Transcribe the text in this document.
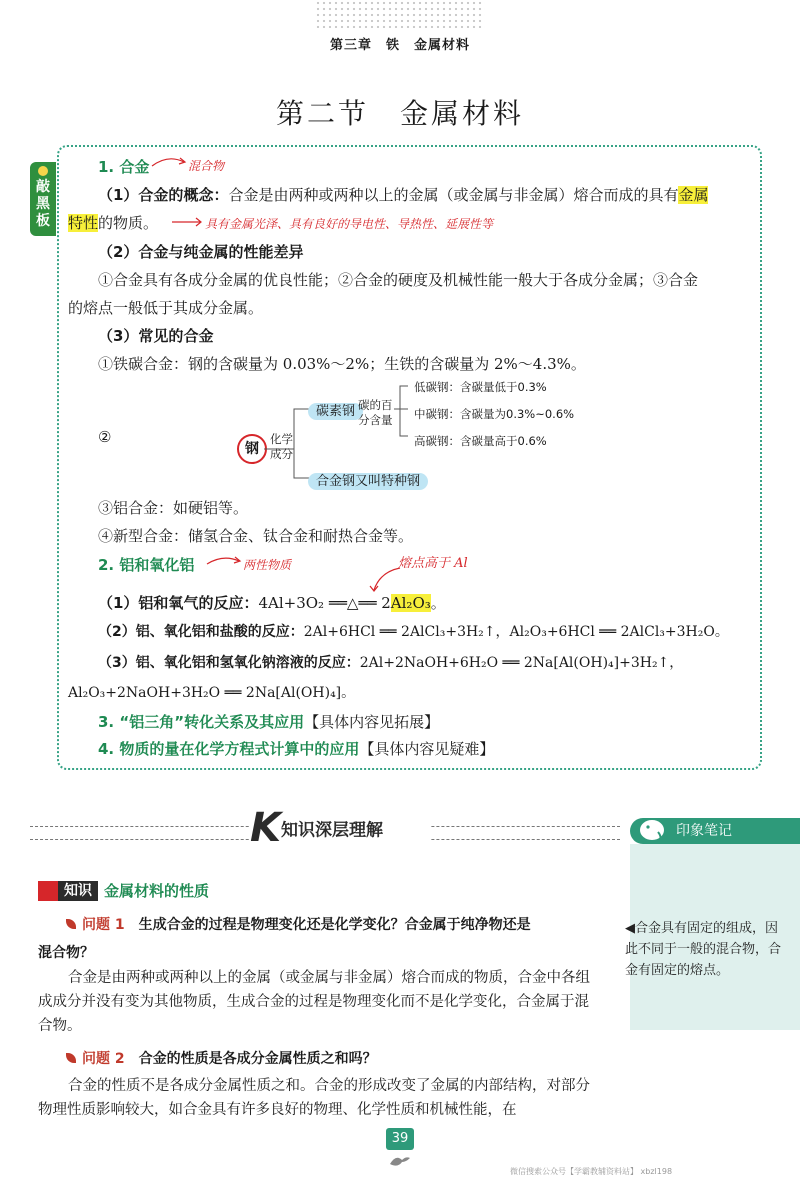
第三章　铁　金属材料
第二节　金属材料
敲黑板
1. 合金	混合物
（1）合金的概念：合金是由两种或两种以上的金属（或金属与非金属）熔合而成的具有金属
特性的物质。	具有金属光泽、具有良好的导电性、导热性、延展性等
（2）合金与纯金属的性能差异
①合金具有各成分金属的优良性能；②合金的硬度及机械性能一般大于各成分金属；③合金
的熔点一般低于其成分金属。
（3）常见的合金
①铁碳合金：钢的含碳量为 0.03%～2%；生铁的含碳量为 2%～4.3%。
②
钢
化学
成分
碳素钢 碳的百
分含量
低碳钢：含碳量低于0.3%
中碳钢：含碳量为0.3%~0.6%
高碳钢：含碳量高于0.6%
合金钢又叫特种钢
③铝合金：如硬铝等。
④新型合金：储氢合金、钛合金和耐热合金等。
2. 铝和氧化铝	两性物质	熔点高于 Al
（1）铝和氧气的反应：4Al+3O₂ ══△══ 2Al₂O₃。
（2）铝、氧化铝和盐酸的反应：2Al+6HCl ══ 2AlCl₃+3H₂↑，Al₂O₃+6HCl ══ 2AlCl₃+3H₂O。
（3）铝、氧化铝和氢氧化钠溶液的反应：2Al+2NaOH+6H₂O ══ 2Na[Al(OH)₄]+3H₂↑，
Al₂O₃+2NaOH+3H₂O ══ 2Na[Al(OH)₄]。
3. “铝三角”转化关系及其应用【具体内容见拓展】
4. 物质的量在化学方程式计算中的应用【具体内容见疑难】
K知识深层理解	印象笔记
◀合金具有固定的组成，因此不同于一般的混合物，合金有固定的熔点。
知识 金属材料的性质
问题 1　 生成合金的过程是物理变化还是化学变化？合金属于纯净物还是
混合物？
合金是由两种或两种以上的金属（或金属与非金属）熔合而成的物质，合金中各组成成分并没有变为其他物质，生成合金的过程是物理变化而不是化学变化，合金属于混合物。
问题 2　 合金的性质是各成分金属性质之和吗？
合金的性质不是各成分金属性质之和。合金的形成改变了金属的内部结构，对部分物理性质影响较大，如合金具有许多良好的物理、化学性质和机械性能，在
39
微信搜索公众号【学霸教辅资料站】 xbzl198
